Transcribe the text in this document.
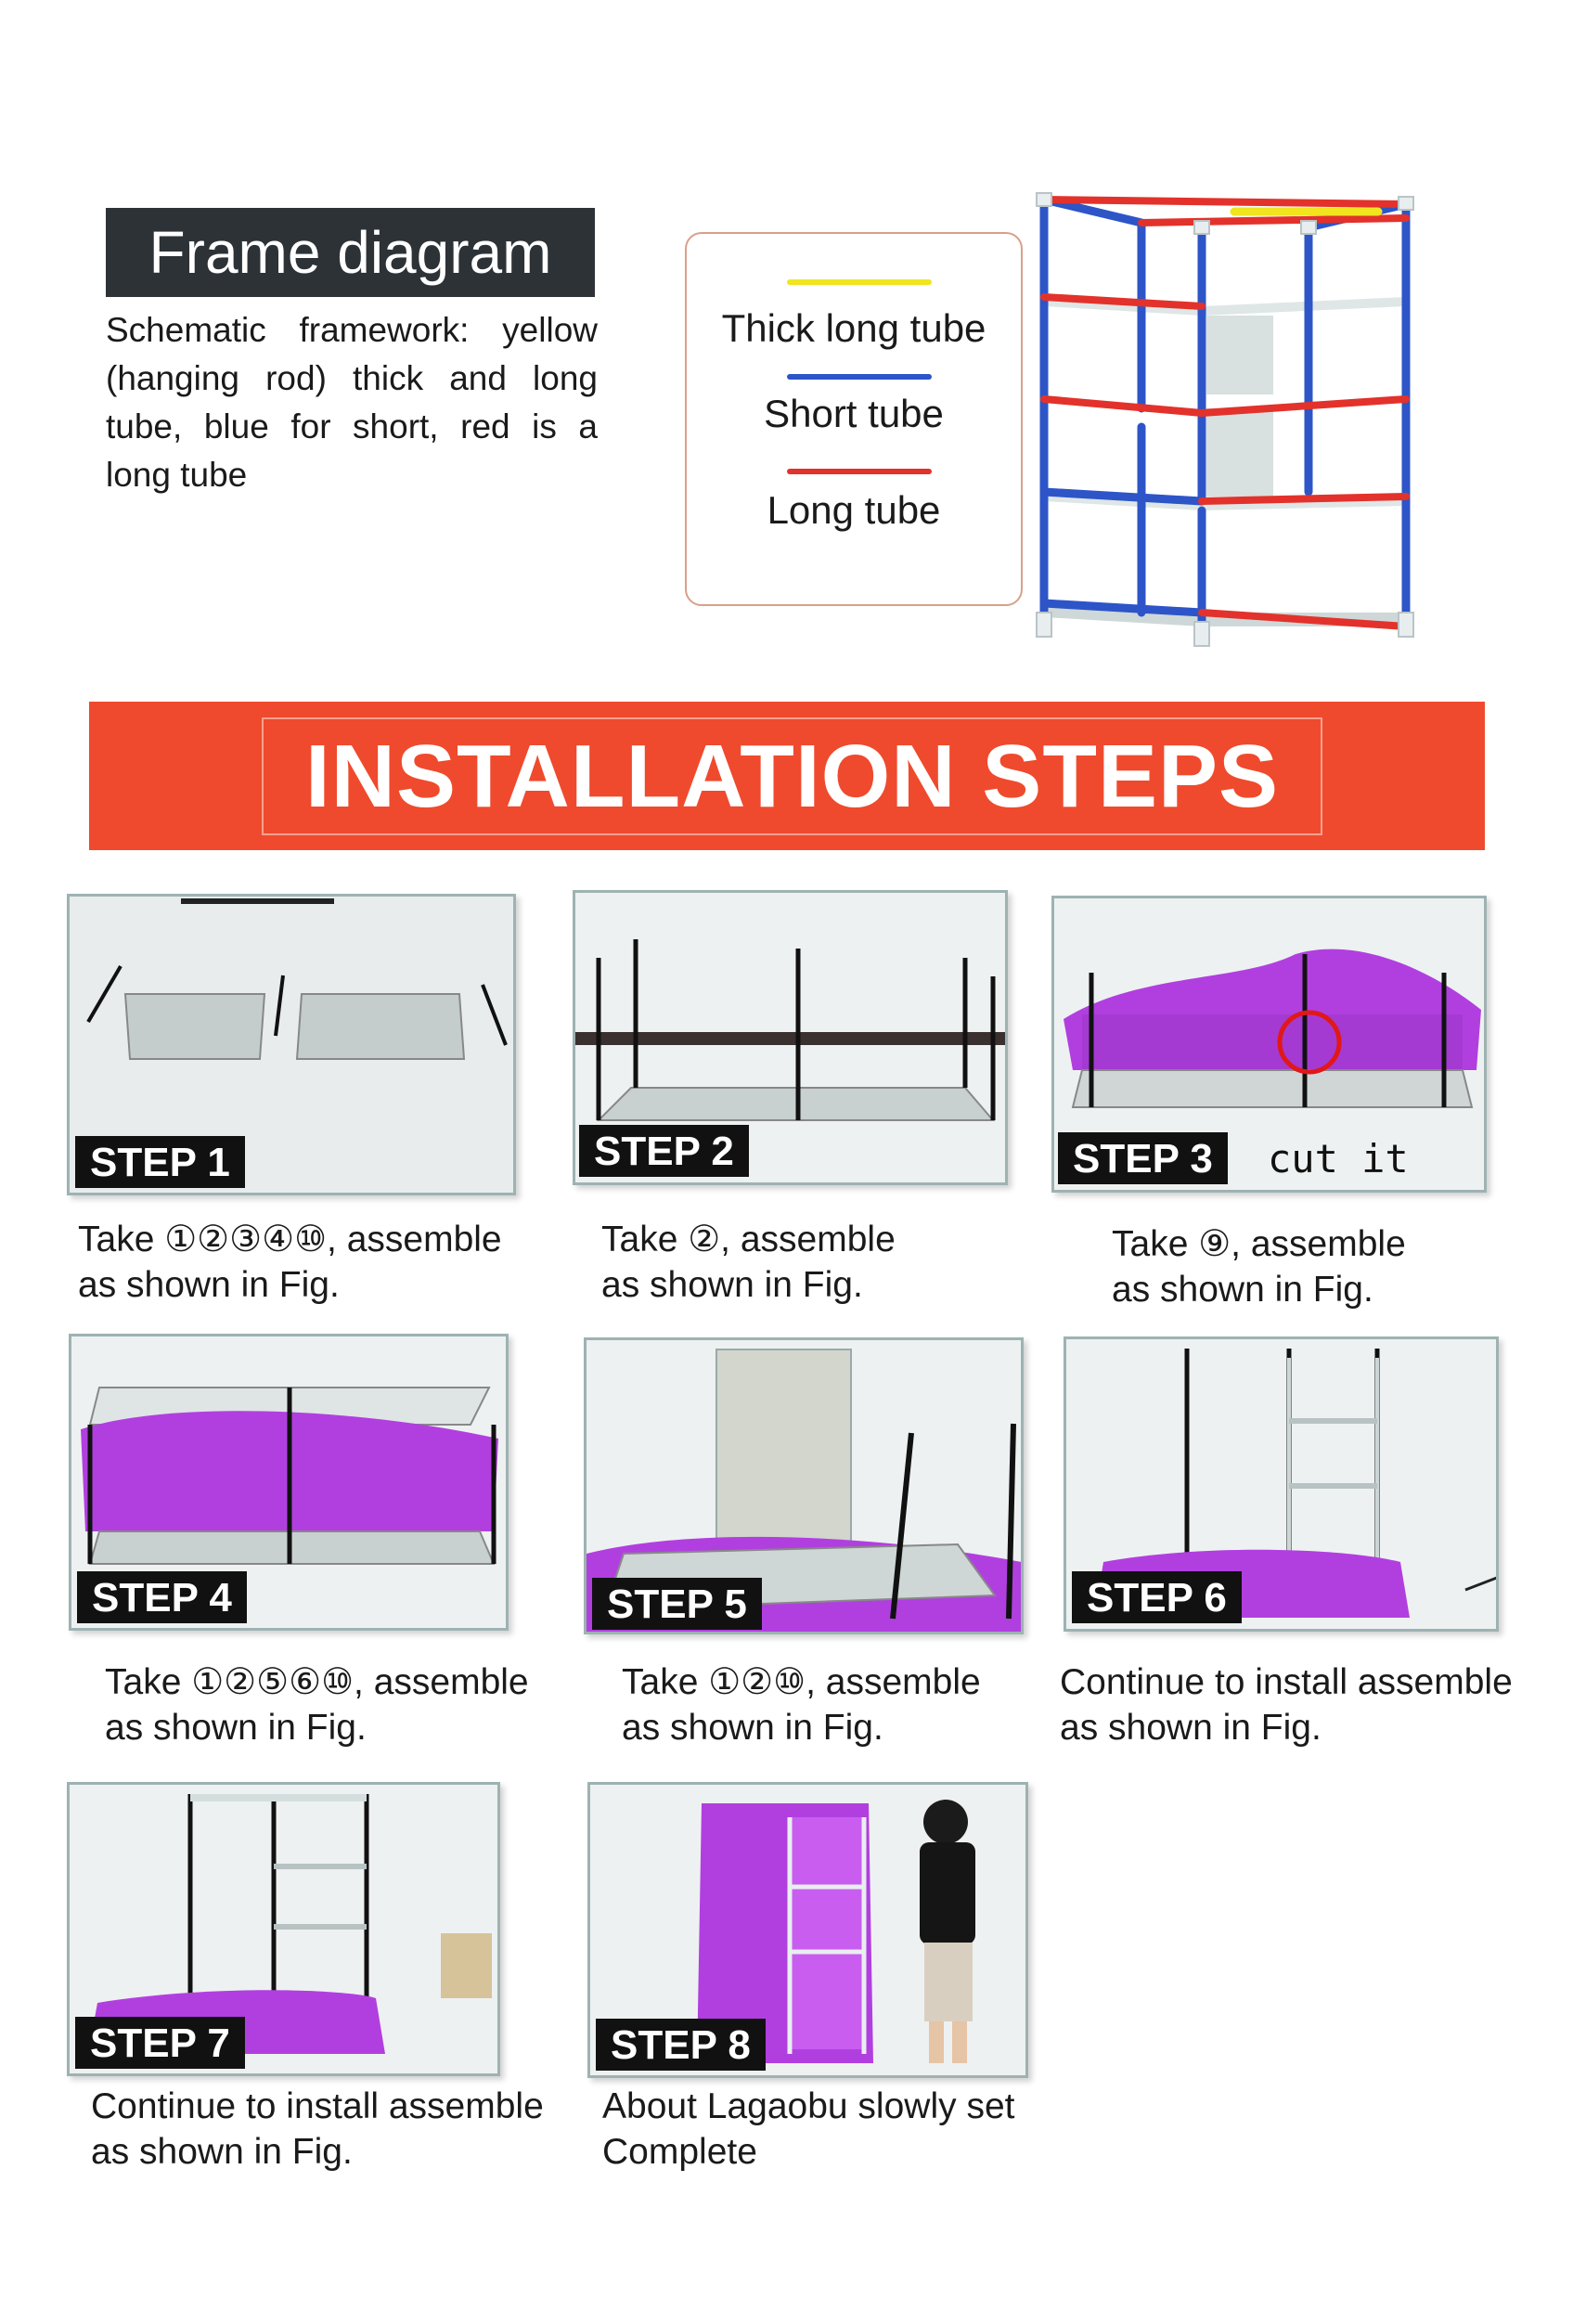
Frame diagram
Schematic framework: yellow (hanging rod) thick and long tube, blue for short, red is a long tube
Thick long tube
Short tube
Long tube
INSTALLATION STEPS
STEP 1
Take ①②③④⑩, assemble
as shown in Fig.
STEP 2
Take ②, assemble
as shown in Fig.
STEP 3	cut it
Take ⑨, assemble
as shown in Fig.
STEP 4
Take ①②⑤⑥⑩, assemble
as shown in Fig.
STEP 5
Take ①②⑩, assemble
as shown in Fig.
STEP 6
Continue to install assemble
as shown in Fig.
STEP 7
Continue to install assemble
as shown in Fig.
STEP 8
About Lagaobu slowly set
Complete
